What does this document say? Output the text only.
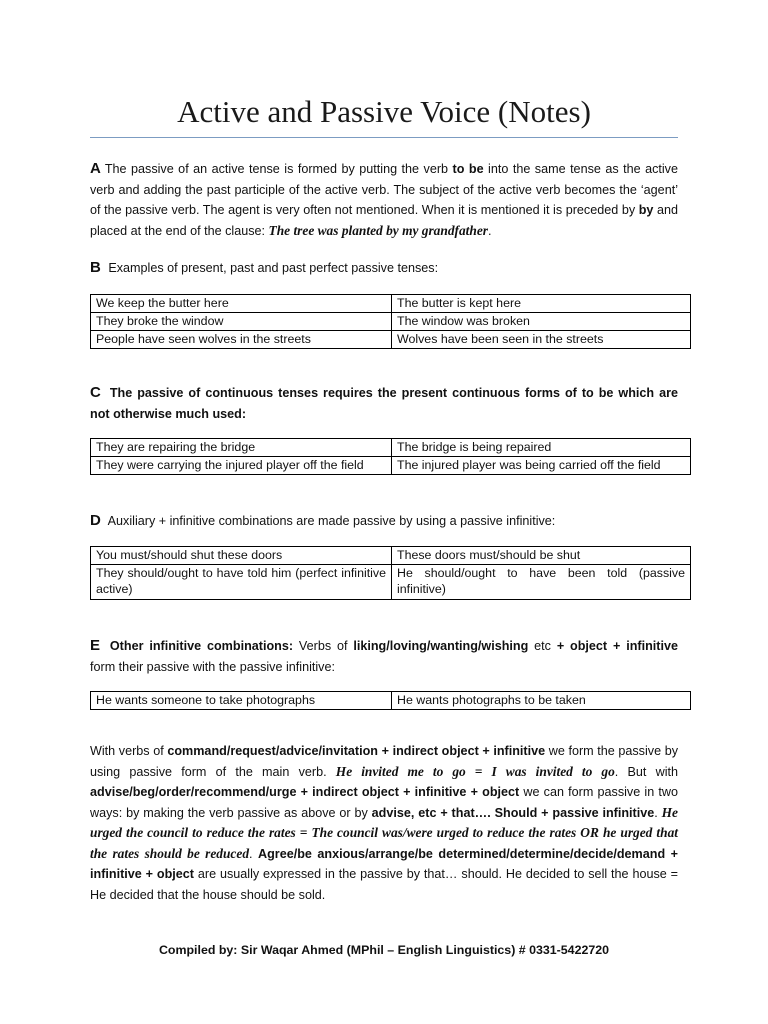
Active and Passive Voice (Notes)

A The passive of an active tense is formed by putting the verb to be into the same tense as the active verb and adding the past participle of the active verb. The subject of the active verb becomes the ‘agent’ of the passive verb. The agent is very often not mentioned. When it is mentioned it is preceded by by and placed at the end of the clause: The tree was planted by my grandfather.

B Examples of present, past and past perfect passive tenses:

We keep the butter here	The butter is kept here
They broke the window	The window was broken
People have seen wolves in the streets	Wolves have been seen in the streets

C The passive of continuous tenses requires the present continuous forms of to be which are not otherwise much used:

They are repairing the bridge	The bridge is being repaired
They were carrying the injured player off the field	The injured player was being carried off the field

D Auxiliary + infinitive combinations are made passive by using a passive infinitive:

You must/should shut these doors	These doors must/should be shut
They should/ought to have told him (perfect infinitive active)	He should/ought to have been told (passive infinitive)

E Other infinitive combinations: Verbs of liking/loving/wanting/wishing etc + object + infinitive form their passive with the passive infinitive:

He wants someone to take photographs	He wants photographs to be taken

With verbs of command/request/advice/invitation + indirect object + infinitive we form the passive by using passive form of the main verb. He invited me to go = I was invited to go. But with advise/beg/order/recommend/urge + indirect object + infinitive + object we can form passive in two ways: by making the verb passive as above or by advise, etc + that…. Should + passive infinitive. He urged the council to reduce the rates = The council was/were urged to reduce the rates OR he urged that the rates should be reduced. Agree/be anxious/arrange/be determined/determine/decide/demand + infinitive + object are usually expressed in the passive by that… should. He decided to sell the house = He decided that the house should be sold.

Compiled by: Sir Waqar Ahmed (MPhil – English Linguistics) # 0331-5422720
